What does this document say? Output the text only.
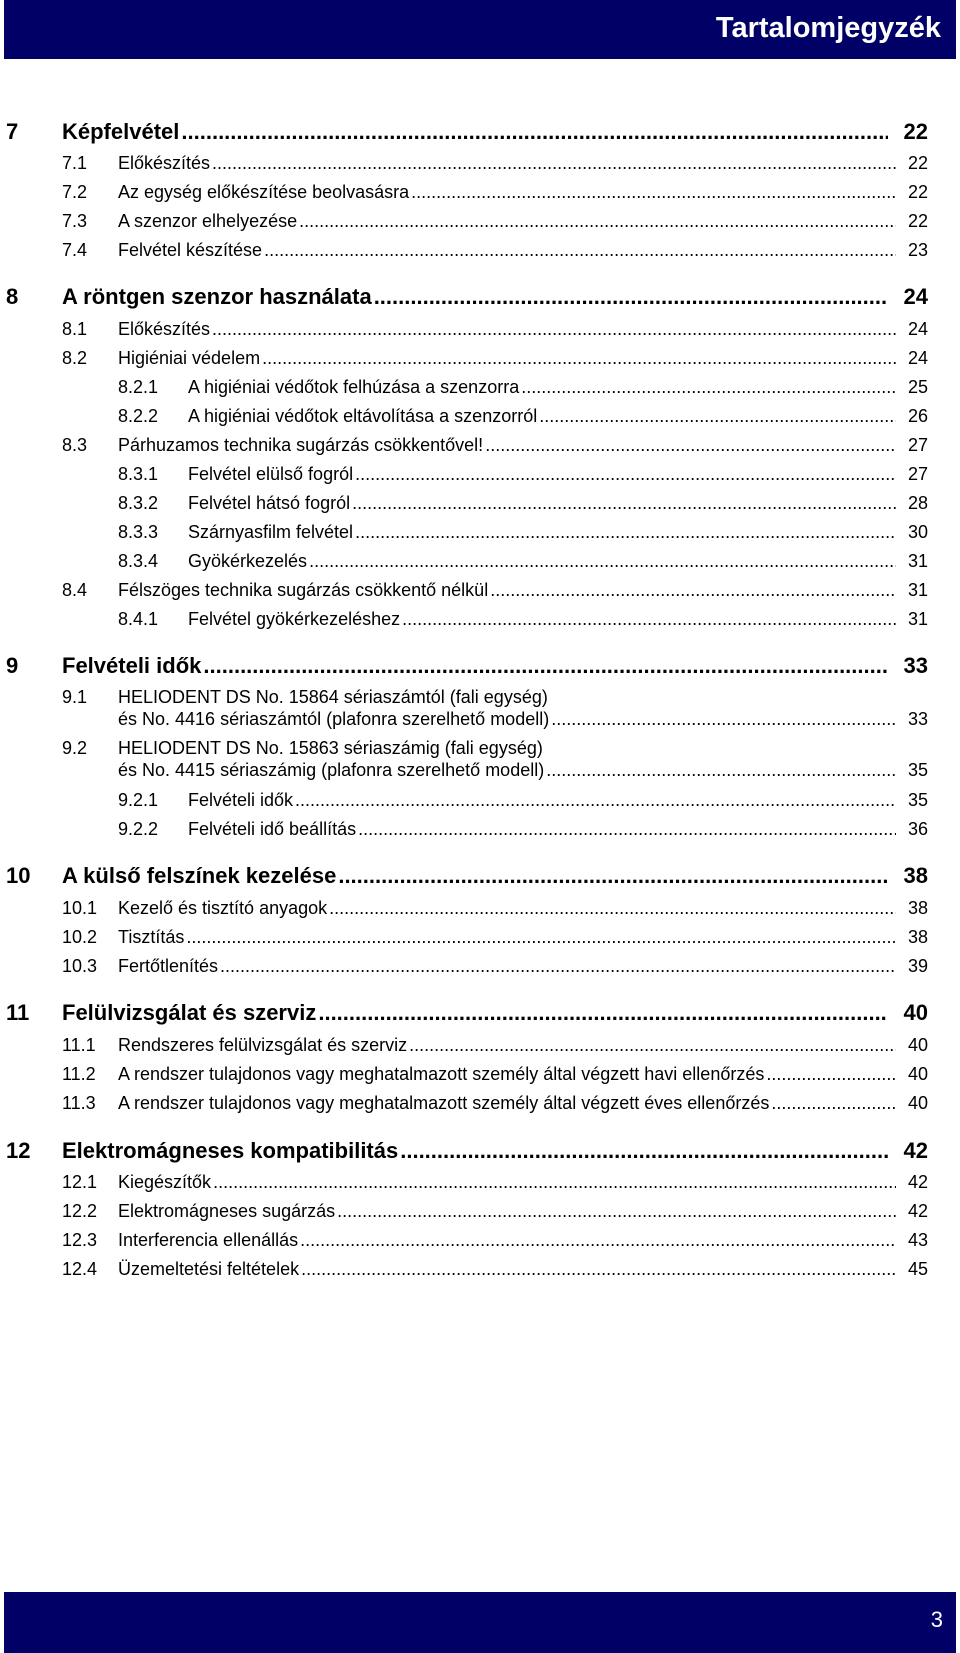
Tartalomjegyzék
7 Képfelvétel .....	22
7.1 Előkészítés .....	22
7.2 Az egység előkészítése beolvasásra .....	22
7.3 A szenzor elhelyezése .....	22
7.4 Felvétel készítése .....	23
8 A röntgen szenzor használata .....	24
8.1 Előkészítés .....	24
8.2 Higiéniai védelem .....	24
8.2.1 A higiéniai védőtok felhúzása a szenzorra .....	25
8.2.2 A higiéniai védőtok eltávolítása a szenzorról .....	26
8.3 Párhuzamos technika sugárzás csökkentővel! .....	27
8.3.1 Felvétel elülső fogról .....	27
8.3.2 Felvétel hátsó fogról .....	28
8.3.3 Szárnyasfilm felvétel .....	30
8.3.4 Gyökérkezelés .....	31
8.4 Félszöges technika sugárzás csökkentő nélkül .....	31
8.4.1 Felvétel gyökérkezeléshez .....	31
9 Felvételi idők .....	33
9.1 HELIODENT DS No. 15864 sériaszámtól (fali egység)
és No. 4416 sériaszámtól (plafonra szerelhető modell) .....	33
9.2 HELIODENT DS No. 15863 sériaszámig (fali egység)
és No. 4415 sériaszámig (plafonra szerelhető modell) .....	35
9.2.1 Felvételi idők .....	35
9.2.2 Felvételi idő beállítás .....	36
10 A külső felszínek kezelése .....	38
10.1 Kezelő és tisztító anyagok .....	38
10.2 Tisztítás .....	38
10.3 Fertőtlenítés .....	39
11 Felülvizsgálat és szerviz .....	40
11.1 Rendszeres felülvizsgálat és szerviz .....	40
11.2 A rendszer tulajdonos vagy meghatalmazott személy által végzett havi ellenőrzés .....	40
11.3 A rendszer tulajdonos vagy meghatalmazott személy által végzett éves ellenőrzés .....	40
12 Elektromágneses kompatibilitás .....	42
12.1 Kiegészítők .....	42
12.2 Elektromágneses sugárzás .....	42
12.3 Interferencia ellenállás .....	43
12.4 Üzemeltetési feltételek .....	45
3
